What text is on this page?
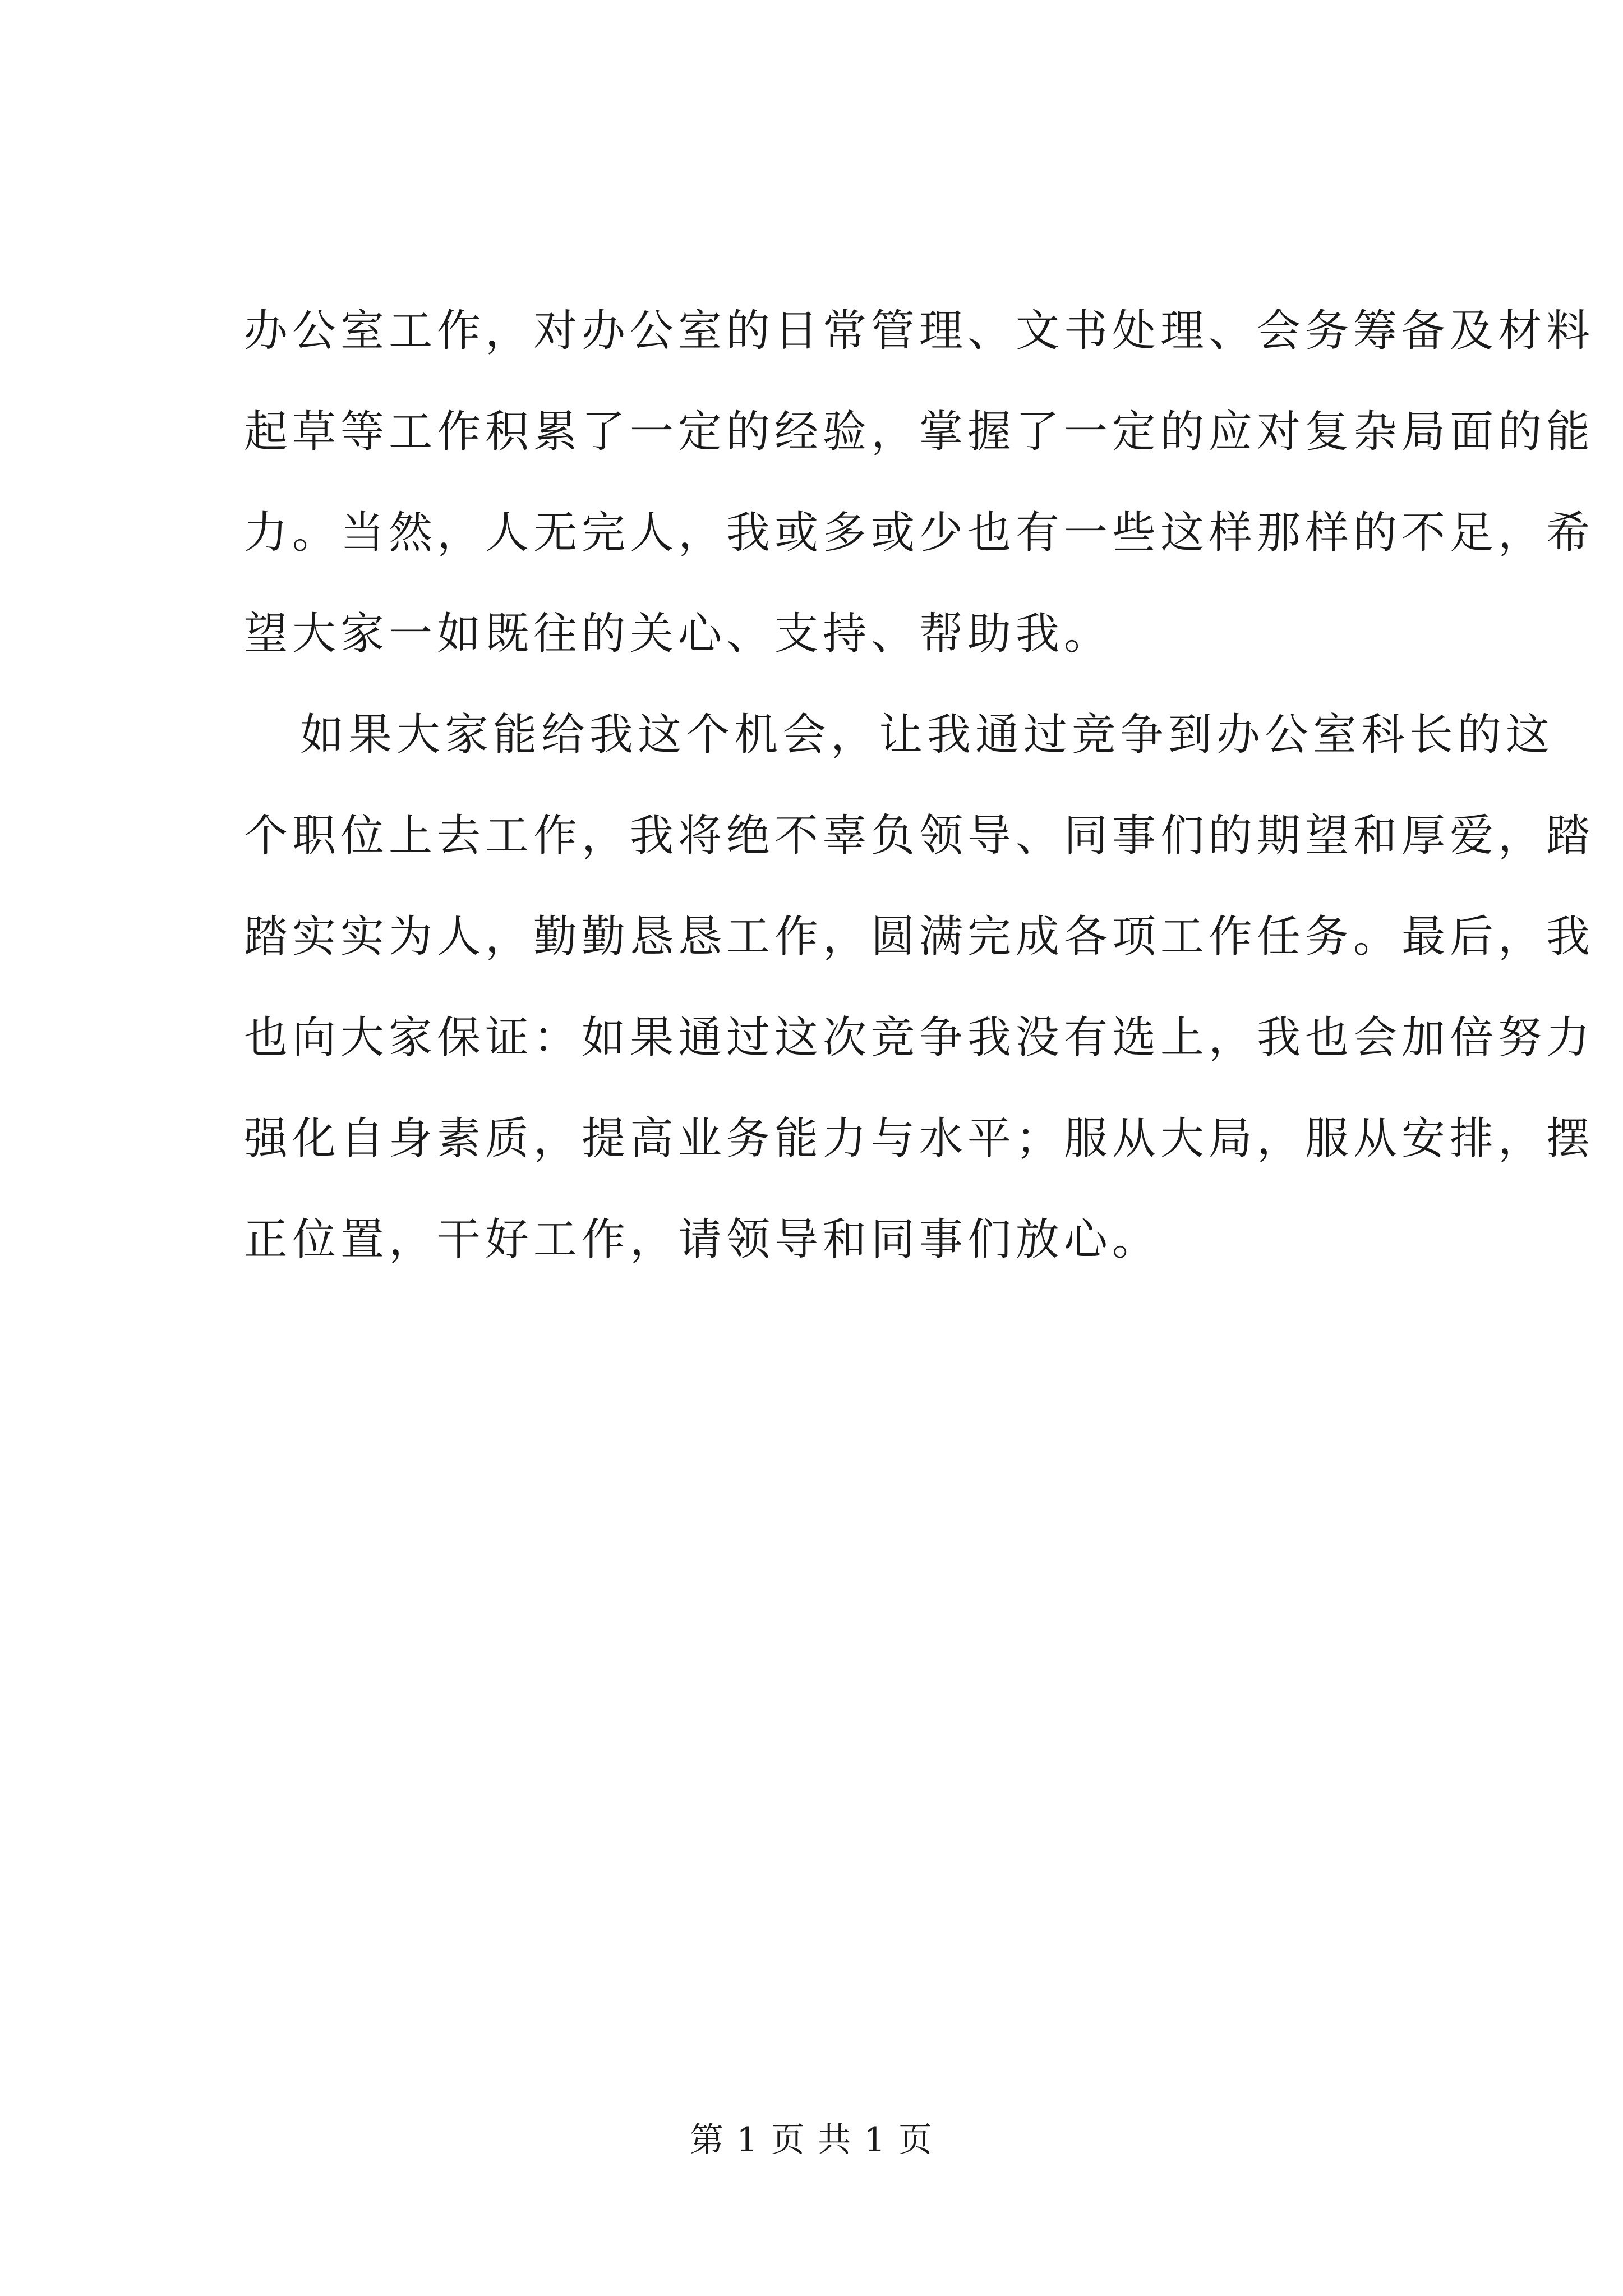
办公室工作，对办公室的日常管理、文书处理、会务筹备及材料
起草等工作积累了一定的经验，掌握了一定的应对复杂局面的能
力。当然，人无完人，我或多或少也有一些这样那样的不足，希
望大家一如既往的关心、支持、帮助我。
如果大家能给我这个机会，让我通过竞争到办公室科长的这
个职位上去工作，我将绝不辜负领导、同事们的期望和厚爱，踏
踏实实为人，勤勤恳恳工作，圆满完成各项工作任务。最后，我
也向大家保证：如果通过这次竞争我没有选上，我也会加倍努力
强化自身素质，提高业务能力与水平；服从大局，服从安排，摆
正位置，干好工作，请领导和同事们放心。
第 1 页 共 1 页
